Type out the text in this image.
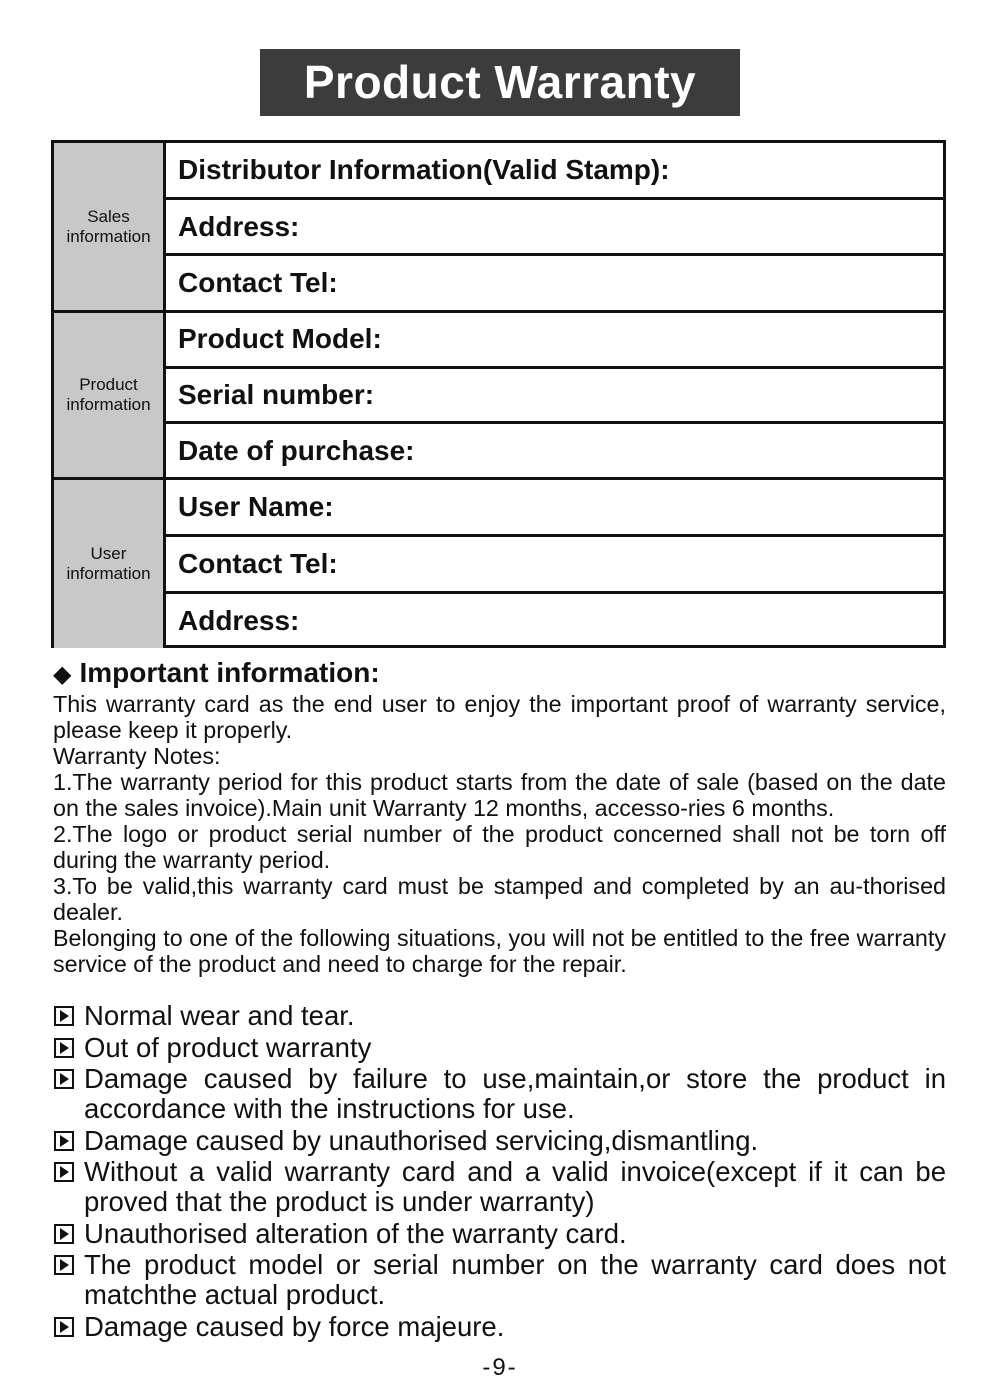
Product Warranty
Sales
information
Distributor Information(Valid Stamp):
Address:
Contact Tel:
Product
information
Product Model:
Serial number:
Date of purchase:
User
information
User Name:
Contact Tel:
Address:
◆ Important information:

This warranty card as the end user to enjoy the important proof of warranty service, please keep it properly.

Warranty Notes:

1.The warranty period for this product starts from the date of sale (based on the date on the sales invoice).Main unit Warranty 12 months, accesso-ries 6 months.

2.The logo or product serial number of the product concerned shall not be torn off during the warranty period.

3.To be valid,this warranty card must be stamped and completed by an au-thorised dealer.

Belonging to one of the following situations, you will not be entitled to the free warranty service of the product and need to charge for the repair.

Normal wear and tear.
Out of product warranty
Damage caused by failure to use,maintain,or store the product in accordance with the instructions for use.
Damage caused by unauthorised servicing,dismantling.
Without a valid warranty card and a valid invoice(except if it can be proved that the product is under warranty)
Unauthorised alteration of the warranty card.
The product model or serial number on the warranty card does not matchthe actual product.
Damage caused by force majeure.
-9-
